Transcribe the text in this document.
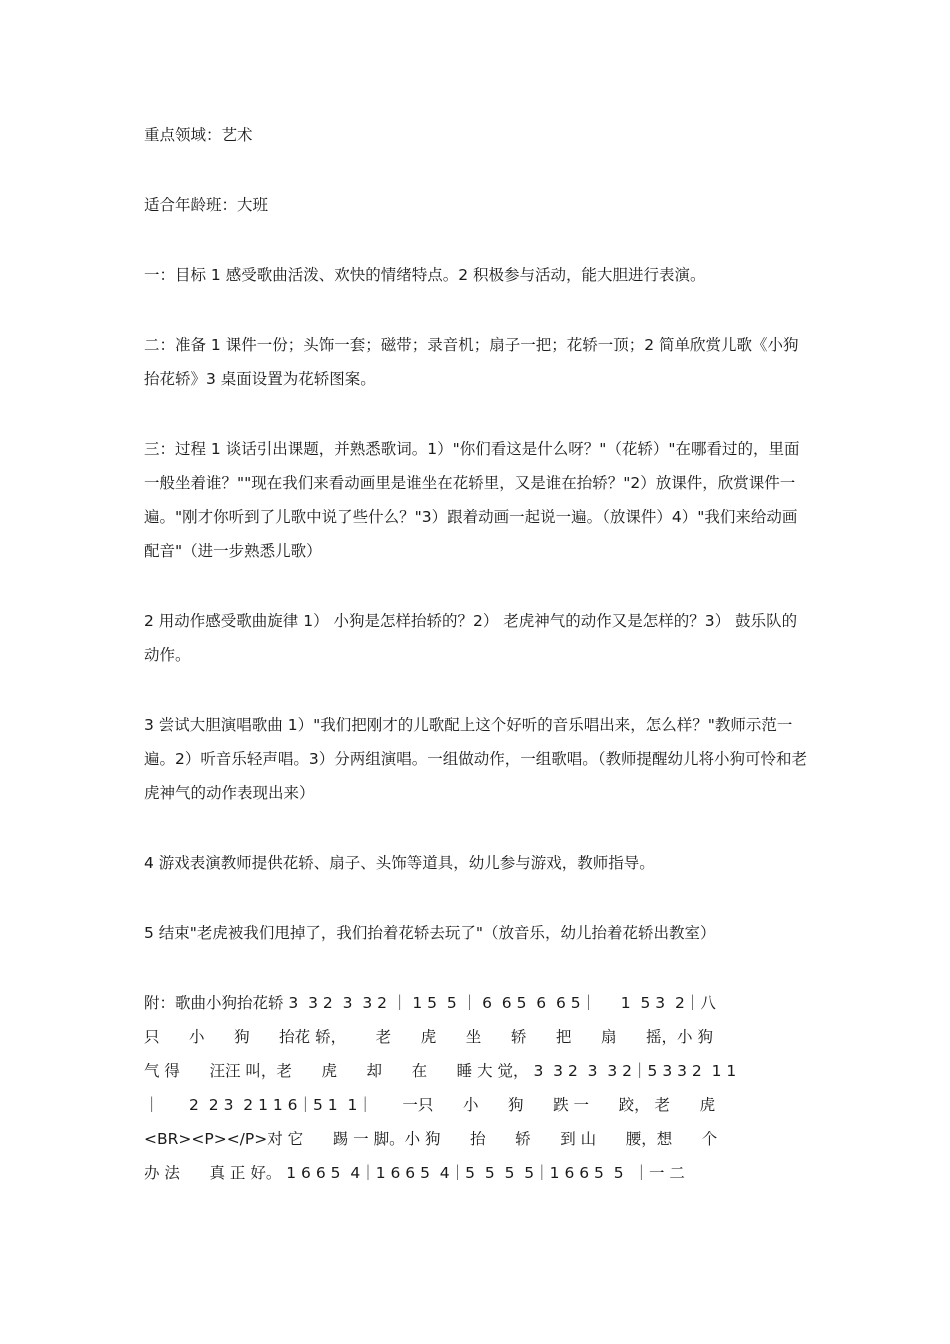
重点领域：艺术

适合年龄班：大班

一：目标 1 感受歌曲活泼、欢快的情绪特点。2 积极参与活动，能大胆进行表演。

二：准备 1 课件一份；头饰一套；磁带；录音机；扇子一把；花轿一顶；2 简单欣赏儿歌《小狗抬花轿》3 桌面设置为花轿图案。

三：过程 1 谈话引出课题，并熟悉歌词。1）"你们看这是什么呀？"（花轿）"在哪看过的，里面一般坐着谁？""现在我们来看动画里是谁坐在花轿里，又是谁在抬轿？"2）放课件，欣赏课件一遍。"刚才你听到了儿歌中说了些什么？"3）跟着动画一起说一遍。（放课件）4）"我们来给动画配音"（进一步熟悉儿歌）

2 用动作感受歌曲旋律 1） 小狗是怎样抬轿的？2） 老虎神气的动作又是怎样的？3） 鼓乐队的动作。

3 尝试大胆演唱歌曲 1）"我们把刚才的儿歌配上这个好听的音乐唱出来，怎么样？"教师示范一遍。2）听音乐轻声唱。3）分两组演唱。一组做动作，一组歌唱。（教师提醒幼儿将小狗可怜和老虎神气的动作表现出来）

4 游戏表演教师提供花轿、扇子、头饰等道具，幼儿参与游戏，教师指导。

5 结束"老虎被我们甩掉了，我们抬着花轿去玩了"（放音乐，幼儿抬着花轿出教室）

附：歌曲小狗抬花轿 3  3 2  3  3 2 ｜ 1 5  5 ｜ 6  6 5  6  6 5｜     1  5 3  2｜八
只      小      狗      抬花 轿，      老      虎      坐      轿      把      扇      摇，小 狗
气 得      汪汪 叫，老      虎      却      在      睡 大 觉， 3  3 2  3  3 2｜5 3 3 2  1 1
｜      2  2 3  2 1 1 6｜5 1  1｜      一只      小      狗      跌 一      跤， 老      虎
<BR><P></P>对 它      踢 一 脚。小 狗      抬      轿      到 山      腰，想      个
办 法      真 正 好。 1 6 6 5  4｜1 6 6 5  4｜5  5  5  5｜1 6 6 5  5  ｜一 二
